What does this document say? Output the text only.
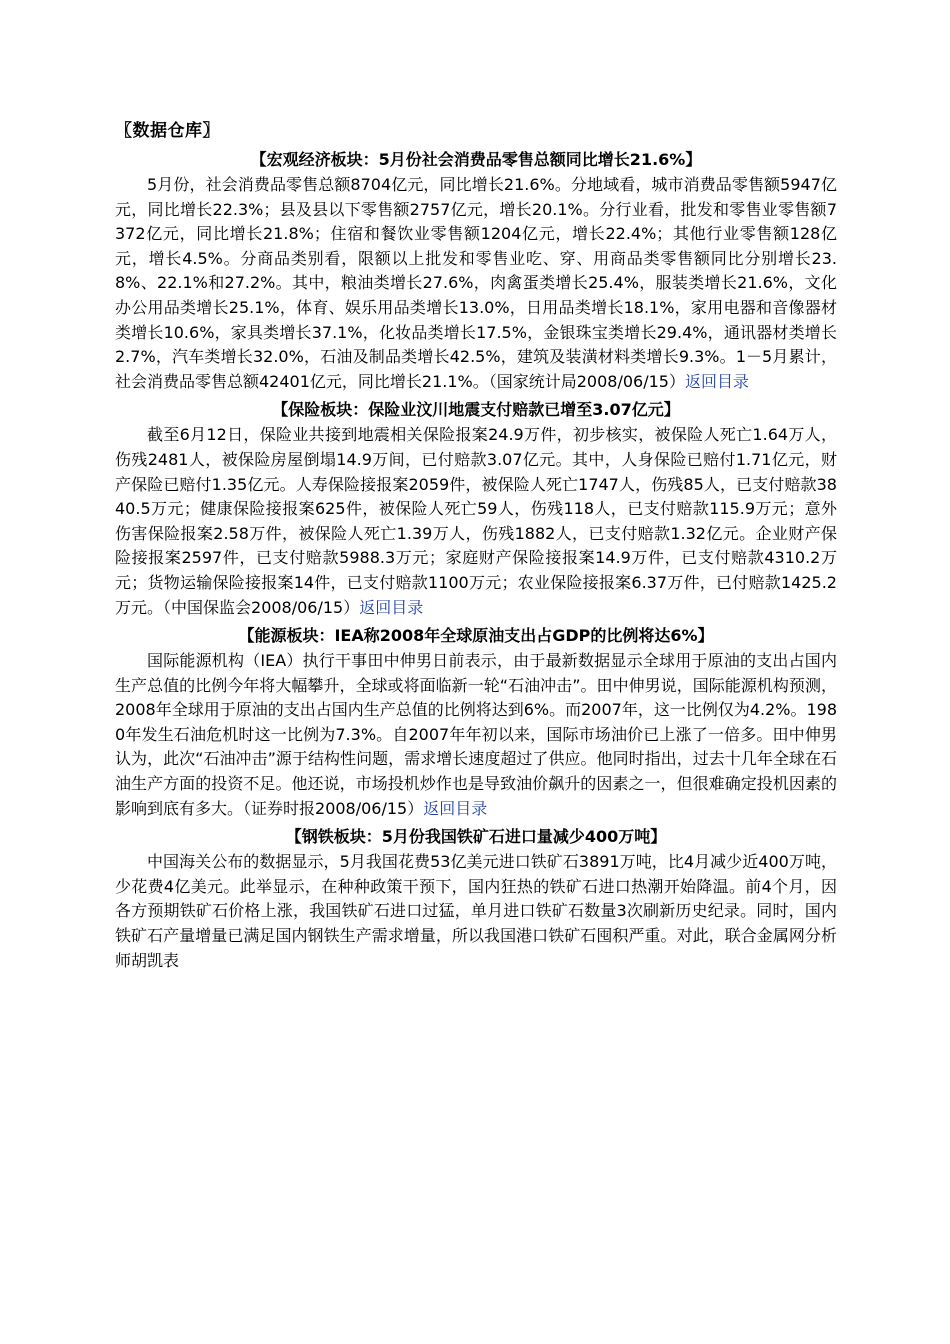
〖数据仓库〗
【宏观经济板块：5月份社会消费品零售总额同比增长21.6%】

5月份，社会消费品零售总额8704亿元，同比增长21.6%。分地域看，城市消费品零售额5947亿元，同比增长22.3%；县及县以下零售额2757亿元，增长20.1%。分行业看，批发和零售业零售额7372亿元，同比增长21.8%；住宿和餐饮业零售额1204亿元，增长22.4%；其他行业零售额128亿元，增长4.5%。分商品类别看，限额以上批发和零售业吃、穿、用商品类零售额同比分别增长23.8%、22.1%和27.2%。其中，粮油类增长27.6%，肉禽蛋类增长25.4%，服装类增长21.6%，文化办公用品类增长25.1%，体育、娱乐用品类增长13.0%，日用品类增长18.1%，家用电器和音像器材类增长10.6%，家具类增长37.1%，化妆品类增长17.5%，金银珠宝类增长29.4%，通讯器材类增长2.7%，汽车类增长32.0%，石油及制品类增长42.5%，建筑及装潢材料类增长9.3%。1－5月累计，社会消费品零售总额42401亿元，同比增长21.1%。（国家统计局2008/06/15）返回目录

【保险板块：保险业汶川地震支付赔款已增至3.07亿元】

截至6月12日，保险业共接到地震相关保险报案24.9万件，初步核实，被保险人死亡1.64万人，伤残2481人，被保险房屋倒塌14.9万间，已付赔款3.07亿元。其中，人身保险已赔付1.71亿元，财产保险已赔付1.35亿元。人寿保险接报案2059件，被保险人死亡1747人，伤残85人，已支付赔款3840.5万元；健康保险接报案625件，被保险人死亡59人，伤残118人，已支付赔款115.9万元；意外伤害保险报案2.58万件，被保险人死亡1.39万人，伤残1882人，已支付赔款1.32亿元。企业财产保险接报案2597件，已支付赔款5988.3万元；家庭财产保险接报案14.9万件，已支付赔款4310.2万元；货物运输保险接报案14件，已支付赔款1100万元；农业保险接报案6.37万件，已付赔款1425.2万元。（中国保监会2008/06/15）返回目录

【能源板块：IEA称2008年全球原油支出占GDP的比例将达6%】

国际能源机构（IEA）执行干事田中伸男日前表示，由于最新数据显示全球用于原油的支出占国内生产总值的比例今年将大幅攀升，全球或将面临新一轮“石油冲击”。田中伸男说，国际能源机构预测，2008年全球用于原油的支出占国内生产总值的比例将达到6%。而2007年，这一比例仅为4.2%。1980年发生石油危机时这一比例为7.3%。自2007年年初以来，国际市场油价已上涨了一倍多。田中伸男认为，此次“石油冲击”源于结构性问题，需求增长速度超过了供应。他同时指出，过去十几年全球在石油生产方面的投资不足。他还说，市场投机炒作也是导致油价飙升的因素之一，但很难确定投机因素的影响到底有多大。（证券时报2008/06/15）返回目录

【钢铁板块：5月份我国铁矿石进口量减少400万吨】

中国海关公布的数据显示，5月我国花费53亿美元进口铁矿石3891万吨，比4月减少近400万吨，少花费4亿美元。此举显示，在种种政策干预下，国内狂热的铁矿石进口热潮开始降温。前4个月，因各方预期铁矿石价格上涨，我国铁矿石进口过猛，单月进口铁矿石数量3次刷新历史纪录。同时，国内铁矿石产量增量已满足国内钢铁生产需求增量，所以我国港口铁矿石囤积严重。对此，联合金属网分析师胡凯表
